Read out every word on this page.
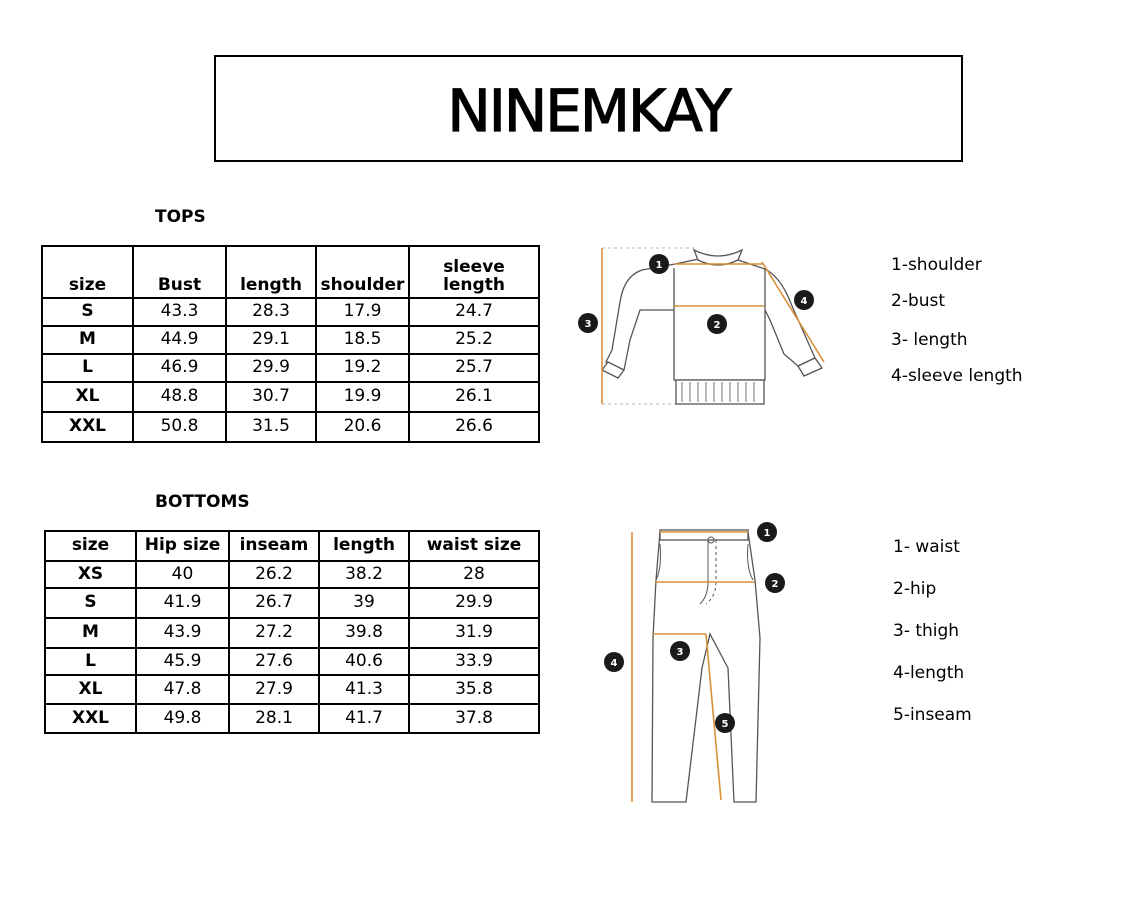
NINEMKAY
TOPS
size	Bust	length	shoulder	sleeve length
S	43.3	28.3	17.9	24.7
M	44.9	29.1	18.5	25.2
L	46.9	29.9	19.2	25.7
XL	48.8	30.7	19.9	26.1
XXL	50.8	31.5	20.6	26.6
1
2
3
4
1-shoulder
2-bust
3- length
4-sleeve length
BOTTOMS
size	Hip size	inseam	length	waist size
XS	40	26.2	38.2	28
S	41.9	26.7	39	29.9
M	43.9	27.2	39.8	31.9
L	45.9	27.6	40.6	33.9
XL	47.8	27.9	41.3	35.8
XXL	49.8	28.1	41.7	37.8
1
2
3
4
5
1- waist
2-hip
3- thigh
4-length
5-inseam
